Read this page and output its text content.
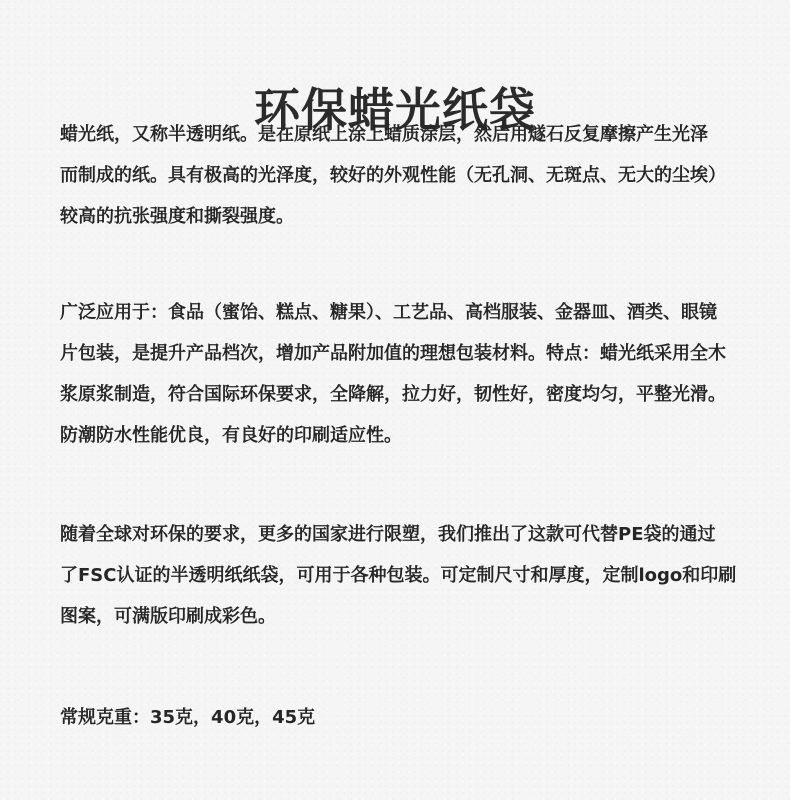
环保蜡光纸袋
蜡光纸，又称半透明纸。是在原纸上涂上蜡质涂层，然后用燧石反复摩擦产生光泽
而制成的纸。具有极高的光泽度，较好的外观性能（无孔洞、无斑点、无大的尘埃）
较高的抗张强度和撕裂强度。
广泛应用于：食品（蜜饴、糕点、糖果）、工艺品、高档服装、金器皿、酒类、眼镜
片包装，是提升产品档次，增加产品附加值的理想包装材料。特点：蜡光纸采用全木
浆原浆制造，符合国际环保要求，全降解，拉力好，韧性好，密度均匀，平整光滑。
防潮防水性能优良，有良好的印刷适应性。
随着全球对环保的要求，更多的国家进行限塑，我们推出了这款可代替PE袋的通过
了FSC认证的半透明纸纸袋，可用于各种包装。可定制尺寸和厚度，定制logo和印刷
图案，可满版印刷成彩色。
常规克重：35克，40克，45克
